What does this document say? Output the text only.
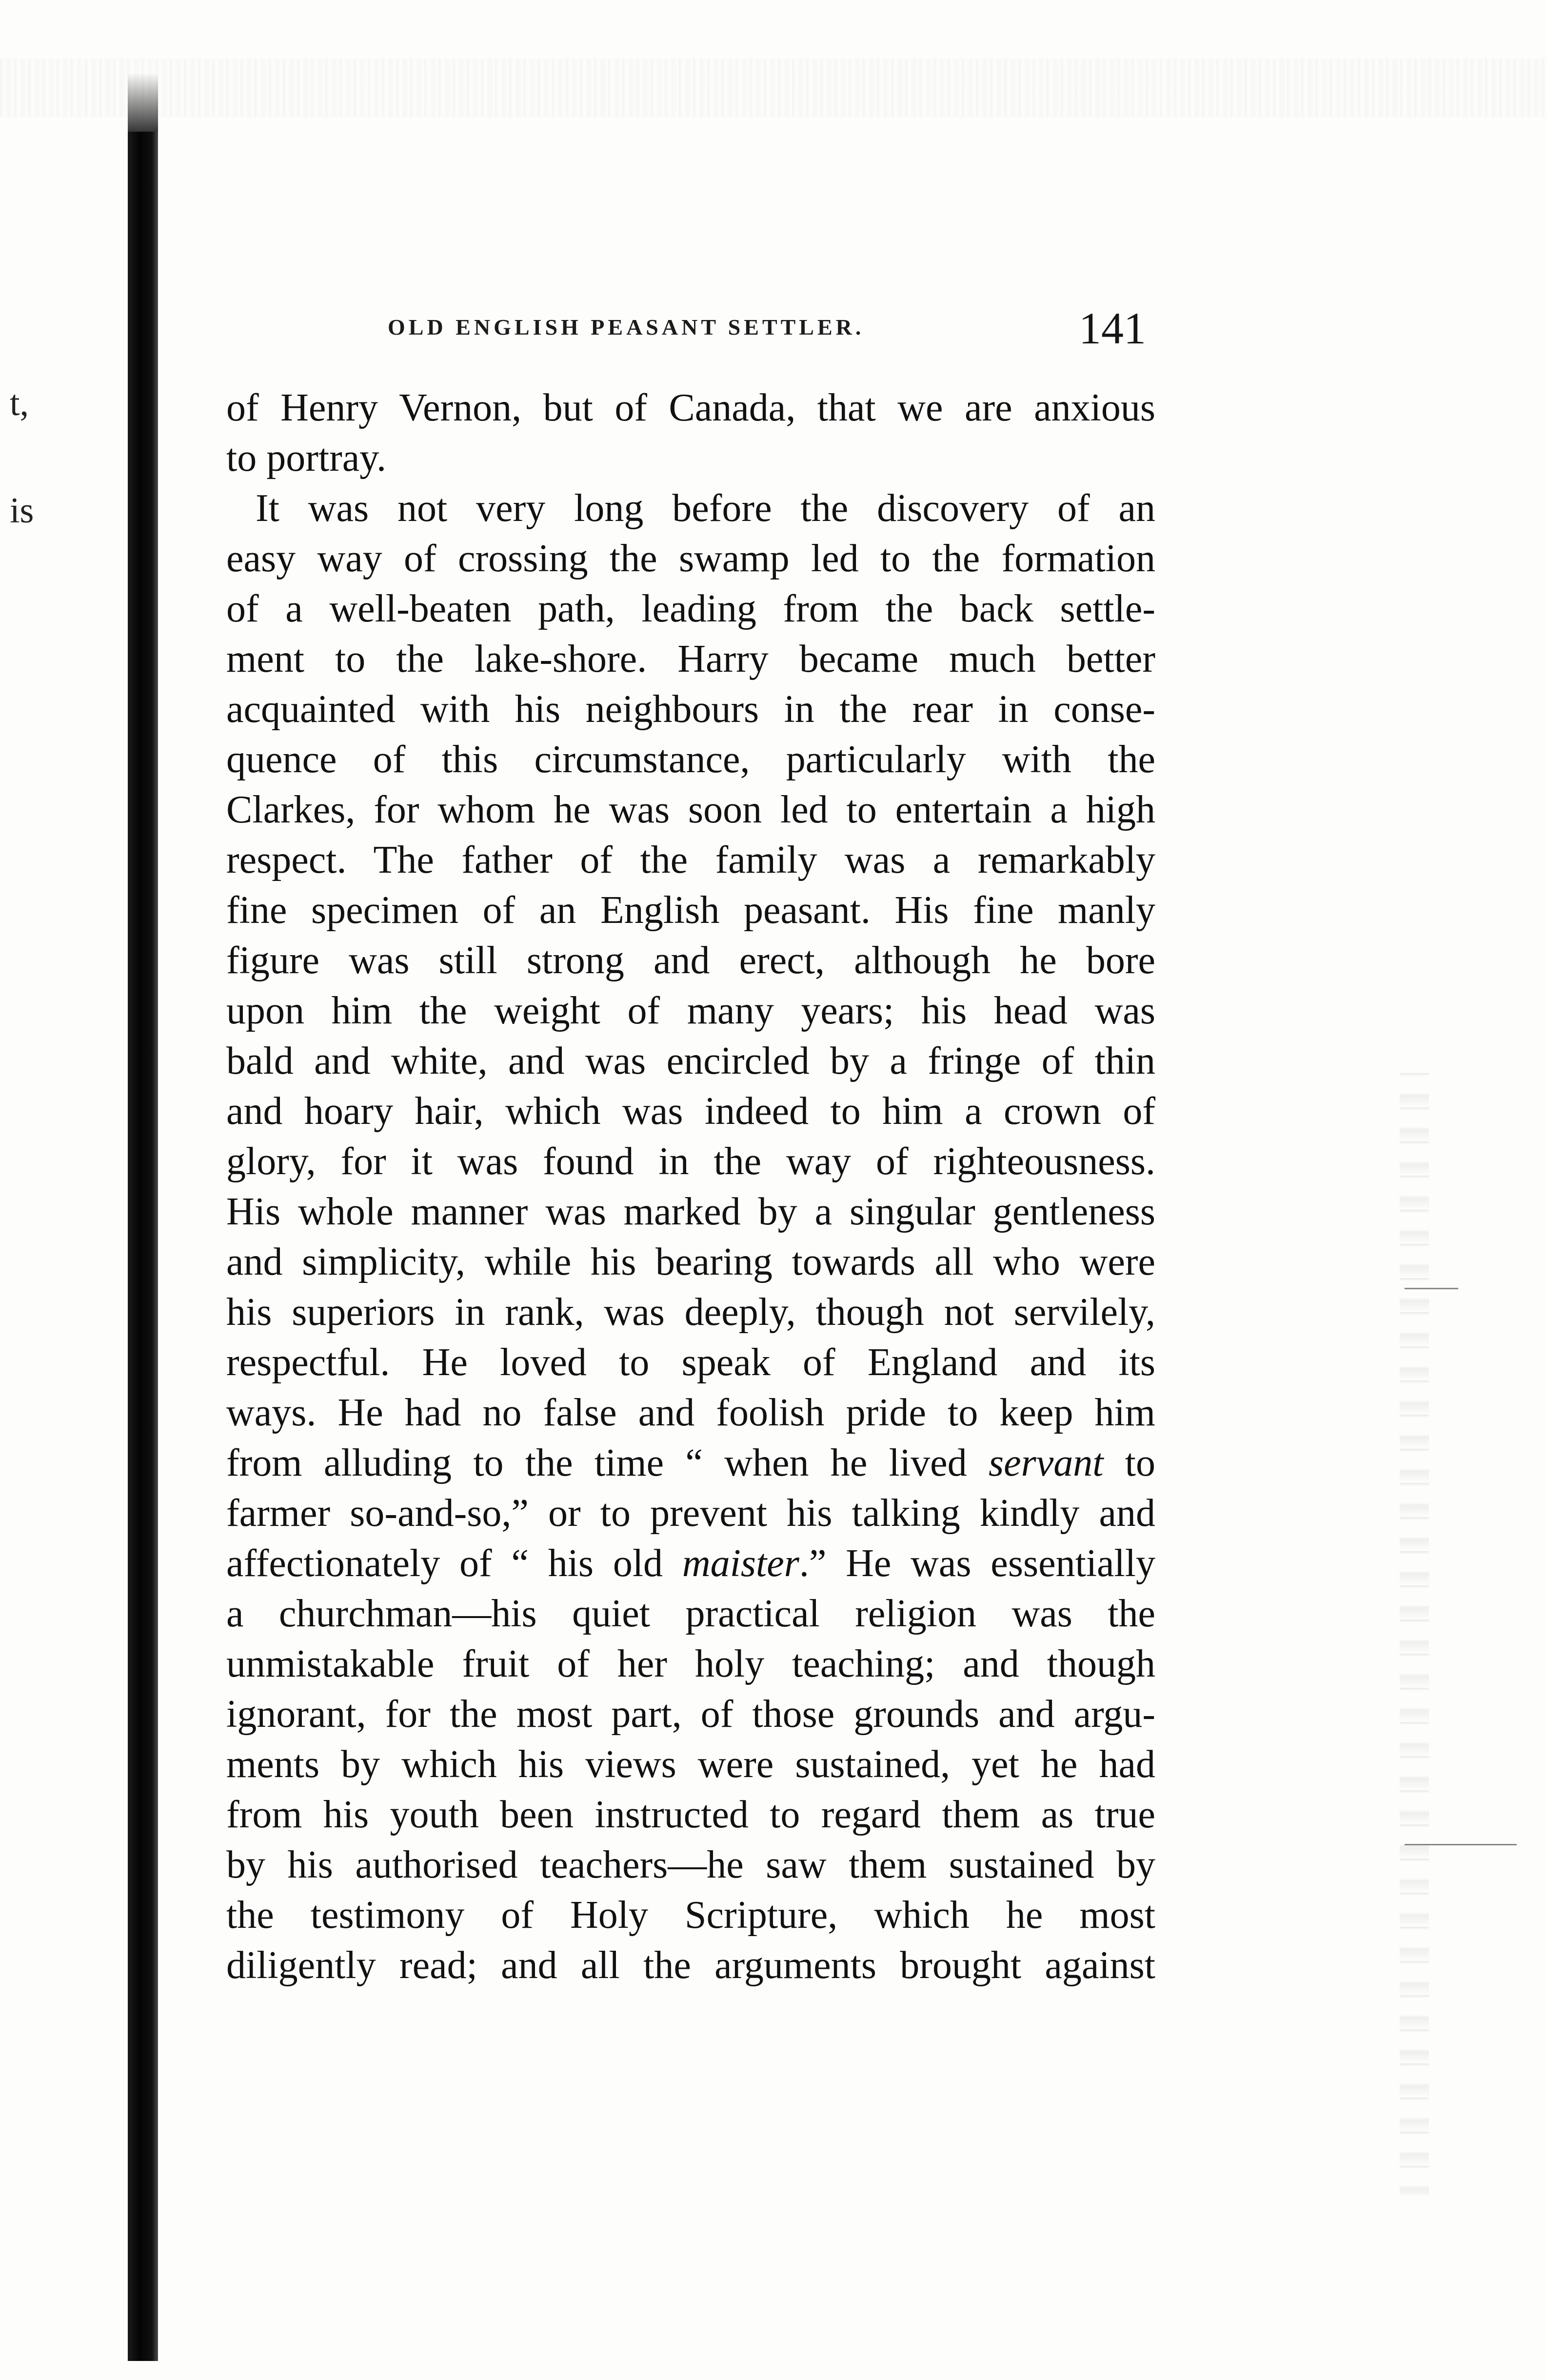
t,
is
OLD ENGLISH PEASANT SETTLER.	141
of Henry Vernon, but of Canada, that we are anxious
to portray.
It was not very long before the discovery of an
easy way of crossing the swamp led to the formation
of a well-beaten path, leading from the back settle-
ment to the lake-shore. Harry became much better
acquainted with his neighbours in the rear in conse-
quence of this circumstance, particularly with the
Clarkes, for whom he was soon led to entertain a high
respect. The father of the family was a remarkably
fine specimen of an English peasant. His fine manly
figure was still strong and erect, although he bore
upon him the weight of many years; his head was
bald and white, and was encircled by a fringe of thin
and hoary hair, which was indeed to him a crown of
glory, for it was found in the way of righteousness.
His whole manner was marked by a singular gentleness
and simplicity, while his bearing towards all who were
his superiors in rank, was deeply, though not servilely,
respectful. He loved to speak of England and its
ways. He had no false and foolish pride to keep him
from alluding to the time “ when he lived servant to
farmer so-and-so,” or to prevent his talking kindly and
affectionately of “ his old maister.” He was essentially
a churchman—his quiet practical religion was the
unmistakable fruit of her holy teaching; and though
ignorant, for the most part, of those grounds and argu-
ments by which his views were sustained, yet he had
from his youth been instructed to regard them as true
by his authorised teachers—he saw them sustained by
the testimony of Holy Scripture, which he most
diligently read; and all the arguments brought against
